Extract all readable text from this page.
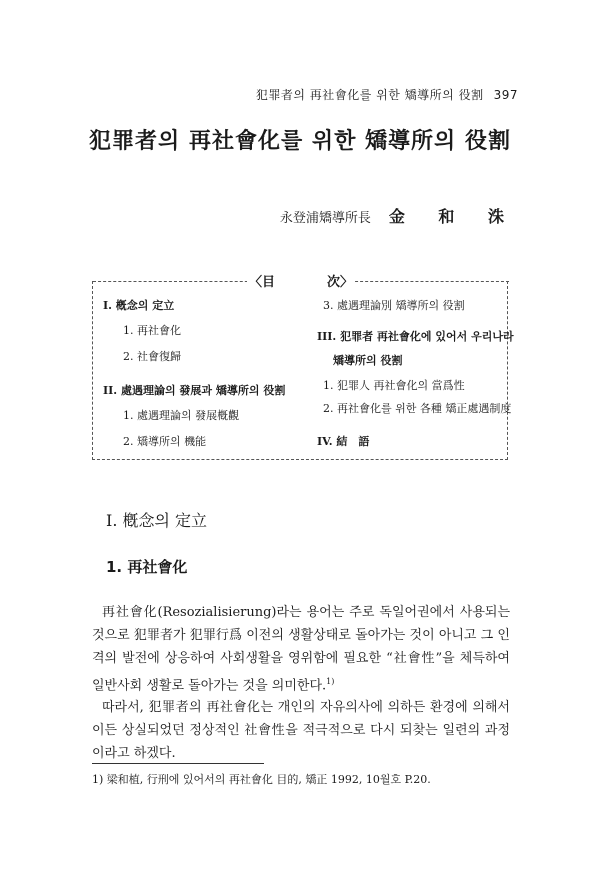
犯罪者의 再社會化를 위한 矯導所의 役割 397
犯罪者의 再社會化를 위한 矯導所의 役割
永登浦矯導所長 金 和 洙
〈目　　　　次〉
I. 槪念의 定立
1. 再社會化
2. 社會復歸
II. 處遇理論의 發展과 矯導所의 役割
1. 處遇理論의 發展槪觀
2. 矯導所의 機能
3. 處遇理論別 矯導所의 役割
III. 犯罪者 再社會化에 있어서 우리나라
矯導所의 役割
1. 犯罪人 再社會化의 當爲性
2. 再社會化를 위한 各種 矯正處遇制度
IV. 結　語
I. 槪念의 定立
1. 再社會化
再社會化(Resozialisierung)라는 용어는 주로 독일어권에서 사용되는 것으로 犯罪者가 犯罪行爲 이전의 생활상태로 돌아가는 것이 아니고 그 인격의 발전에 상응하여 사회생활을 영위함에 필요한 “社會性”을 체득하여 일반사회 생활로 돌아가는 것을 의미한다.$^{1)}$
따라서, 犯罪者의 再社會化는 개인의 자유의사에 의하든 환경에 의해서이든 상실되었던 정상적인 社會性을 적극적으로 다시 되찾는 일련의 과정이라고 하겠다.
1) 梁和植, 行刑에 있어서의 再社會化 目的, 矯正 1992, 10월호 P.20.
